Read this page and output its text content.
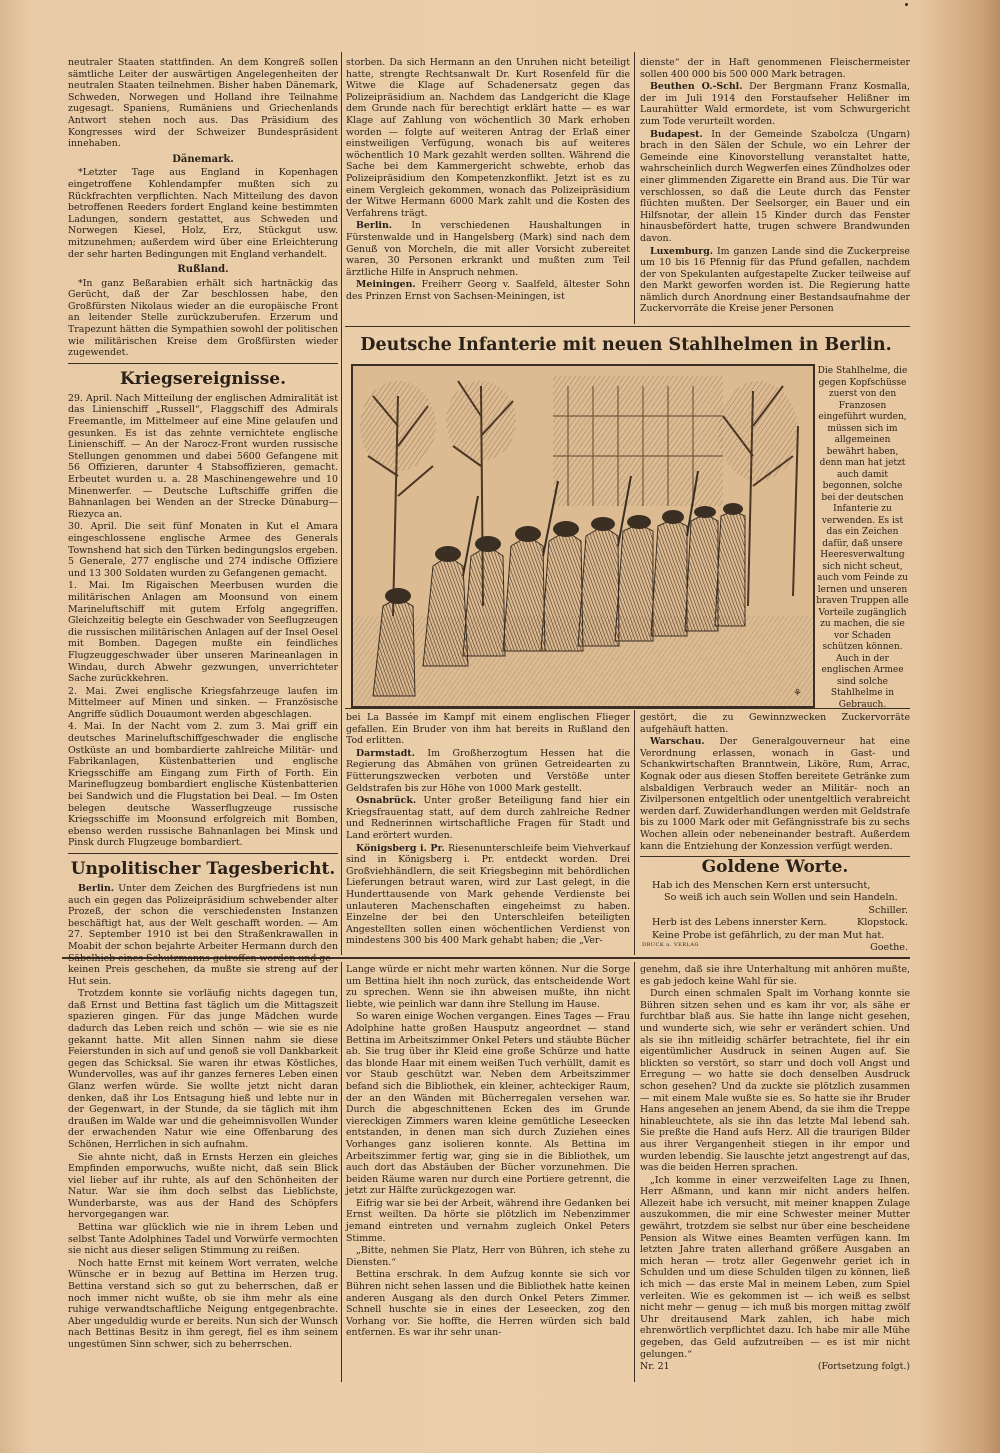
neutraler Staaten stattfinden. An dem Kongreß sollen sämtliche Leiter der auswärtigen Angelegenheiten der neutralen Staaten teilnehmen. Bisher haben Dänemark, Schweden, Norwegen und Holland ihre Teilnahme zugesagt. Spaniens, Rumäniens und Griechenlands Antwort stehen noch aus. Das Präsidium des Kongresses wird der Schweizer Bundespräsident innehaben.

Dänemark.

*Letzter Tage aus England in Kopenhagen eingetroffene Kohlendampfer mußten sich zu Rückfrachten verpflichten. Nach Mitteilung des davon betroffenen Reeders fordert England keine bestimmten Ladungen, sondern gestattet, aus Schweden und Norwegen Kiesel, Holz, Erz, Stückgut usw. mitzunehmen; außerdem wird über eine Erleichterung der sehr harten Bedingungen mit England verhandelt.

Rußland.

*In ganz Beßarabien erhält sich hartnäckig das Gerücht, daß der Zar beschlossen habe, den Großfürsten Nikolaus wieder an die europäische Front an leitender Stelle zurückzuberufen. Erzerum und Trapezunt hätten die Sympathien sowohl der politischen wie militärischen Kreise dem Großfürsten wieder zugewendet.

Kriegsereignisse.

29. April. Nach Mitteilung der englischen Admiralität ist das Linienschiff „Russell“, Flaggschiff des Admirals Freemantle, im Mittelmeer auf eine Mine gelaufen und gesunken. Es ist das zehnte vernichtete englische Linienschiff. — An der Narocz-Front wurden russische Stellungen genommen und dabei 5600 Gefangene mit 56 Offizieren, darunter 4 Stabsoffizieren, gemacht. Erbeutet wurden u. a. 28 Maschinengewehre und 10 Minenwerfer. — Deutsche Luftschiffe griffen die Bahnanlagen bei Wenden an der Strecke Dünaburg—Riezyca an.

30. April. Die seit fünf Monaten in Kut el Amara eingeschlossene englische Armee des Generals Townshend hat sich den Türken bedingungslos ergeben. 5 Generale, 277 englische und 274 indische Offiziere und 13 300 Soldaten wurden zu Gefangenen gemacht.

1. Mai. Im Rigaischen Meerbusen wurden die militärischen Anlagen am Moonsund von einem Marineluftschiff mit gutem Erfolg angegriffen. Gleichzeitig belegte ein Geschwader von Seeflugzeugen die russischen militärischen Anlagen auf der Insel Oesel mit Bomben. Dagegen mußte ein feindliches Flugzeuggeschwader über unseren Marineanlagen in Windau, durch Abwehr gezwungen, unverrichteter Sache zurückkehren.

2. Mai. Zwei englische Kriegsfahrzeuge laufen im Mittelmeer auf Minen und sinken. — Französische Angriffe südlich Douaumont werden abgeschlagen.

4. Mai. In der Nacht vom 2. zum 3. Mai griff ein deutsches Marineluftschiffgeschwader die englische Ostküste an und bombardierte zahlreiche Militär- und Fabrikanlagen, Küstenbatterien und englische Kriegsschiffe am Eingang zum Firth of Forth. Ein Marineflugzeug bombardiert englische Küstenbatterien bei Sandwich und die Flugstation bei Deal. — Im Osten belegen deutsche Wasserflugzeuge russische Kriegsschiffe im Moonsund erfolgreich mit Bomben, ebenso werden russische Bahnanlagen bei Minsk und Pinsk durch Flugzeuge bombardiert.

Unpolitischer Tagesbericht.

Berlin. Unter dem Zeichen des Burgfriedens ist nun auch ein gegen das Polizeipräsidium schwebender alter Prozeß, der schon die verschiedensten Instanzen beschäftigt hat, aus der Welt geschafft worden. — Am 27. September 1910 ist bei den Straßenkrawallen in Moabit der schon bejahrte Arbeiter Hermann durch den Säbelhieb eines Schutzmanns getroffen worden und ge-

storben. Da sich Hermann an den Unruhen nicht beteiligt hatte, strengte Rechtsanwalt Dr. Kurt Rosenfeld für die Witwe die Klage auf Schadenersatz gegen das Polizeipräsidium an. Nachdem das Landgericht die Klage dem Grunde nach für berechtigt erklärt hatte — es war Klage auf Zahlung von wöchentlich 30 Mark erhoben worden — folgte auf weiteren Antrag der Erlaß einer einstweiligen Verfügung, wonach bis auf weiteres wöchentlich 10 Mark gezahlt werden sollten. Während die Sache bei dem Kammergericht schwebte, erhob das Polizeipräsidium den Kompetenzkonflikt. Jetzt ist es zu einem Vergleich gekommen, wonach das Polizeipräsidium der Witwe Hermann 6000 Mark zahlt und die Kosten des Verfahrens trägt.

Berlin. In verschiedenen Haushaltungen in Fürstenwalde und in Hangelsberg (Mark) sind nach dem Genuß von Morcheln, die mit aller Vorsicht zubereitet waren, 30 Personen erkrankt und mußten zum Teil ärztliche Hilfe in Anspruch nehmen.

Meiningen. Freiherr Georg v. Saalfeld, ältester Sohn des Prinzen Ernst von Sachsen-Meiningen, ist

dienste“ der in Haft genommenen Fleischermeister sollen 400 000 bis 500 000 Mark betragen.

Beuthen O.-Schl. Der Bergmann Franz Kosmalla, der im Juli 1914 den Forstaufseher Helißner im Laurahütter Wald ermordete, ist vom Schwurgericht zum Tode verurteilt worden.

Budapest. In der Gemeinde Szabolcza (Ungarn) brach in den Sälen der Schule, wo ein Lehrer der Gemeinde eine Kinovorstellung veranstaltet hatte, wahrscheinlich durch Wegwerfen eines Zündholzes oder einer glimmenden Zigarette ein Brand aus. Die Tür war verschlossen, so daß die Leute durch das Fenster flüchten mußten. Der Seelsorger, ein Bauer und ein Hilfsnotar, der allein 15 Kinder durch das Fenster hinausbefördert hatte, trugen schwere Brandwunden davon.

Luxemburg. Im ganzen Lande sind die Zuckerpreise um 10 bis 16 Pfennig für das Pfund gefallen, nachdem der von Spekulanten aufgestapelte Zucker teilweise auf den Markt geworfen worden ist. Die Regierung hatte nämlich durch Anordnung einer Bestandsaufnahme der Zuckervorräte die Kreise jener Personen

Deutsche Infanterie mit neuen Stahlhelmen in Berlin.
⚘
Die Stahlhelme, die gegen Kopfschüsse zuerst von den Franzosen eingeführt wurden, müssen sich im allgemeinen bewährt haben, denn man hat jetzt auch damit begonnen, solche bei der deutschen Infanterie zu verwenden. Es ist das ein Zeichen dafür, daß unsere Heeresverwaltung sich nicht scheut, auch vom Feinde zu lernen und unseren braven Truppen alle Vorteile zugänglich zu machen, die sie vor Schaden schützen können. Auch in der englischen Armee sind solche Stahlhelme in Gebrauch.

bei La Bassée im Kampf mit einem englischen Flieger gefallen. Ein Bruder von ihm hat bereits in Rußland den Tod erlitten.

Darmstadt. Im Großherzogtum Hessen hat die Regierung das Abmähen von grünen Getreidearten zu Fütterungszwecken verboten und Verstöße unter Geldstrafen bis zur Höhe von 1000 Mark gestellt.

Osnabrück. Unter großer Beteiligung fand hier ein Kriegsfrauentag statt, auf dem durch zahlreiche Redner und Rednerinnen wirtschaftliche Fragen für Stadt und Land erörtert wurden.

Königsberg i. Pr. Riesenunterschleife beim Viehverkauf sind in Königsberg i. Pr. entdeckt worden. Drei Großviehhändlern, die seit Kriegsbeginn mit behördlichen Lieferungen betraut waren, wird zur Last gelegt, in die Hunderttausende von Mark gehende Verdienste bei unlauteren Machenschaften eingeheimst zu haben. Einzelne der bei den Unterschleifen beteiligten Angestellten sollen einen wöchentlichen Verdienst von mindestens 300 bis 400 Mark gehabt haben; die „Ver-

gestört, die zu Gewinnzwecken Zuckervorräte aufgehäuft hatten.

Warschau. Der Generalgouverneur hat eine Verordnung erlassen, wonach in Gast- und Schankwirtschaften Branntwein, Liköre, Rum, Arrac, Kognak oder aus diesen Stoffen bereitete Getränke zum alsbaldigen Verbrauch weder an Militär- noch an Zivilpersonen entgeltlich oder unentgeltlich verabreicht werden darf. Zuwiderhandlungen werden mit Geldstrafe bis zu 1000 Mark oder mit Gefängnisstrafe bis zu sechs Wochen allein oder nebeneinander bestraft. Außerdem kann die Entziehung der Konzession verfügt werden.

Goldene Worte.
Hab ich des Menschen Kern erst untersucht,
So weiß ich auch sein Wollen und sein Handeln.
Schiller.
Herb ist des Lebens innerster Kern.	Klopstock.
Keine Probe ist gefährlich, zu der man Mut hat.
DRUCK u. VERLAG	Goethe.

keinen Preis geschehen, da mußte sie streng auf der Hut sein.

Trotzdem konnte sie vorläufig nichts dagegen tun, daß Ernst und Bettina fast täglich um die Mittagszeit spazieren gingen. Für das junge Mädchen wurde dadurch das Leben reich und schön — wie sie es nie gekannt hatte. Mit allen Sinnen nahm sie diese Feierstunden in sich auf und genoß sie voll Dankbarkeit gegen das Schicksal. Sie waren ihr etwas Köstliches, Wundervolles, was auf ihr ganzes ferneres Leben einen Glanz werfen würde. Sie wollte jetzt nicht daran denken, daß ihr Los Entsagung hieß und lebte nur in der Gegenwart, in der Stunde, da sie täglich mit ihm draußen im Walde war und die geheimnisvollen Wunder der erwachenden Natur wie eine Offenbarung des Schönen, Herrlichen in sich aufnahm.

Sie ahnte nicht, daß in Ernsts Herzen ein gleiches Empfinden emporwuchs, wußte nicht, daß sein Blick viel lieber auf ihr ruhte, als auf den Schönheiten der Natur. War sie ihm doch selbst das Lieblichste, Wunderbarste, was aus der Hand des Schöpfers hervorgegangen war.

Bettina war glücklich wie nie in ihrem Leben und selbst Tante Adolphines Tadel und Vorwürfe vermochten sie nicht aus dieser seligen Stimmung zu reißen.

Noch hatte Ernst mit keinem Wort verraten, welche Wünsche er in bezug auf Bettina im Herzen trug. Bettina verstand sich so gut zu beherrschen, daß er noch immer nicht wußte, ob sie ihm mehr als eine ruhige verwandtschaftliche Neigung entgegenbrachte. Aber ungeduldig wurde er bereits. Nun sich der Wunsch nach Bettinas Besitz in ihm geregt, fiel es ihm seinem ungestümen Sinn schwer, sich zu beherrschen.

Lange würde er nicht mehr warten können. Nur die Sorge um Bettina hielt ihn noch zurück, das entscheidende Wort zu sprechen. Wenn sie ihn abweisen mußte, ihn nicht liebte, wie peinlich war dann ihre Stellung im Hause.

So waren einige Wochen vergangen. Eines Tages — Frau Adolphine hatte großen Hausputz angeordnet — stand Bettina im Arbeitszimmer Onkel Peters und stäubte Bücher ab. Sie trug über ihr Kleid eine große Schürze und hatte das blonde Haar mit einem weißen Tuch verhüllt, damit es vor Staub geschützt war. Neben dem Arbeitszimmer befand sich die Bibliothek, ein kleiner, achteckiger Raum, der an den Wänden mit Bücherregalen versehen war. Durch die abgeschnittenen Ecken des im Grunde viereckigen Zimmers waren kleine gemütliche Leseecken entstanden, in denen man sich durch Zuziehen eines Vorhanges ganz isolieren konnte. Als Bettina im Arbeitszimmer fertig war, ging sie in die Bibliothek, um auch dort das Abstäuben der Bücher vorzunehmen. Die beiden Räume waren nur durch eine Portiere getrennt, die jetzt zur Hälfte zurückgezogen war.

Eifrig war sie bei der Arbeit, während ihre Gedanken bei Ernst weilten. Da hörte sie plötzlich im Nebenzimmer jemand eintreten und vernahm zugleich Onkel Peters Stimme.

„Bitte, nehmen Sie Platz, Herr von Bühren, ich stehe zu Diensten.“

Bettina erschrak. In dem Aufzug konnte sie sich vor Bühren nicht sehen lassen und die Bibliothek hatte keinen anderen Ausgang als den durch Onkel Peters Zimmer. Schnell huschte sie in eines der Leseecken, zog den Vorhang vor. Sie hoffte, die Herren würden sich bald entfernen. Es war ihr sehr unan-

genehm, daß sie ihre Unterhaltung mit anhören mußte, es gab jedoch keine Wahl für sie.

Durch einen schmalen Spalt im Vorhang konnte sie Bühren sitzen sehen und es kam ihr vor, als sähe er furchtbar blaß aus. Sie hatte ihn lange nicht gesehen, und wunderte sich, wie sehr er verändert schien. Und als sie ihn mitleidig schärfer betrachtete, fiel ihr ein eigentümlicher Ausdruck in seinen Augen auf. Sie blickten so verstört, so starr und doch voll Angst und Erregung — wo hatte sie doch denselben Ausdruck schon gesehen? Und da zuckte sie plötzlich zusammen — mit einem Male wußte sie es. So hatte sie ihr Bruder Hans angesehen an jenem Abend, da sie ihm die Treppe hinableuchtete, als sie ihn das letzte Mal lebend sah. Sie preßte die Hand aufs Herz. All die traurigen Bilder aus ihrer Vergangenheit stiegen in ihr empor und wurden lebendig. Sie lauschte jetzt angestrengt auf das, was die beiden Herren sprachen.

„Ich komme in einer verzweifelten Lage zu Ihnen, Herr Aßmann, und kann mir nicht anders helfen. Allezeit habe ich versucht, mit meiner knappen Zulage auszukommen, die mir eine Schwester meiner Mutter gewährt, trotzdem sie selbst nur über eine bescheidene Pension als Witwe eines Beamten verfügen kann. Im letzten Jahre traten allerhand größere Ausgaben an mich heran — trotz aller Gegenwehr geriet ich in Schulden und um diese Schulden tilgen zu können, ließ ich mich — das erste Mal in meinem Leben, zum Spiel verleiten. Wie es gekommen ist — ich weiß es selbst nicht mehr — genug — ich muß bis morgen mittag zwölf Uhr dreitausend Mark zahlen, ich habe mich ehrenwörtlich verpflichtet dazu. Ich habe mir alle Mühe gegeben, das Geld aufzutreiben — es ist mir nicht gelungen.“

Nr. 21	(Fortsetzung folgt.)
